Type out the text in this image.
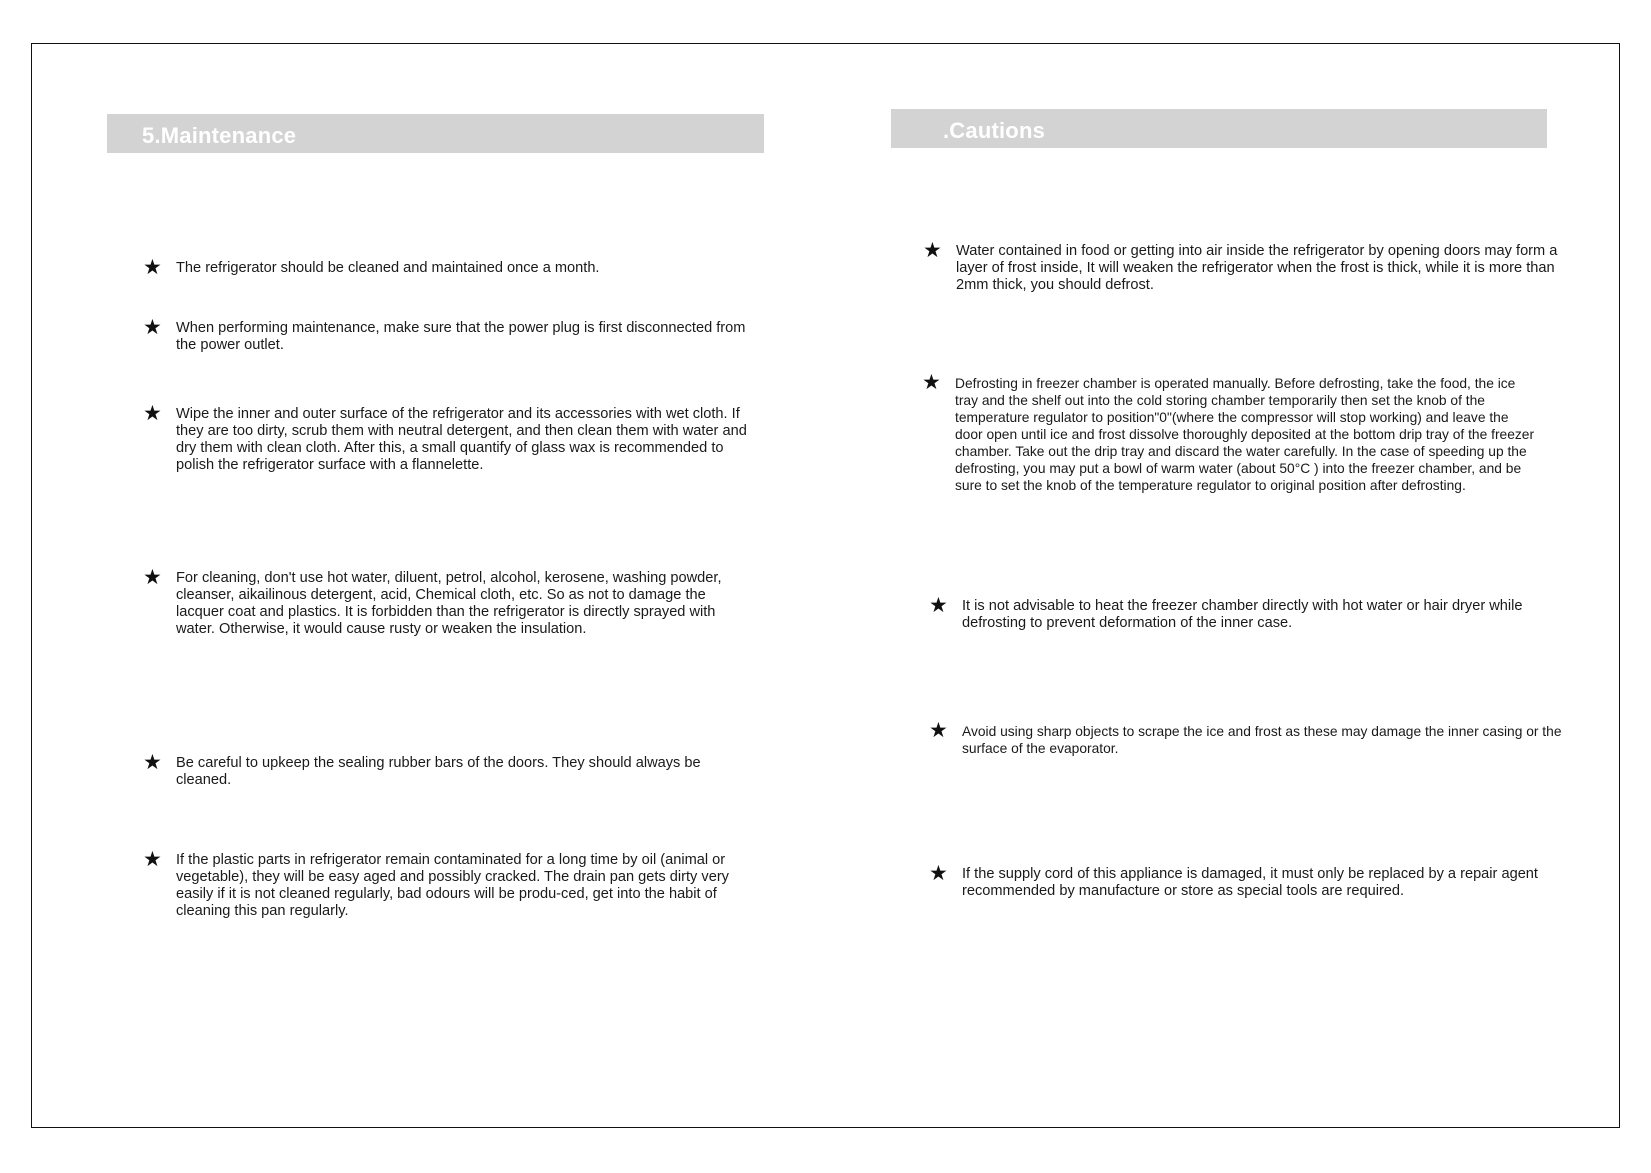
5.Maintenance
★ The refrigerator should be cleaned and maintained once a month.

★ When performing maintenance, make sure that the power plug is first disconnected from the power outlet.

★ Wipe the inner and outer surface of the refrigerator and its accessories with wet cloth. If they are too dirty, scrub them with neutral detergent, and then clean them with water and dry them with clean cloth. After this, a small quantify of glass wax is recommended to polish the refrigerator surface with a flannelette.

★ For cleaning, don't use hot water, diluent, petrol, alcohol, kerosene, washing powder, cleanser, aikailinous detergent, acid, Chemical cloth, etc. So as not to damage the lacquer coat and plastics. It is forbidden than the refrigerator is directly sprayed with water. Otherwise, it would cause rusty or weaken the insulation.

★ Be careful to upkeep the sealing rubber bars of the doors. They should always be cleaned.

★ If the plastic parts in refrigerator remain contaminated for a long time by oil (animal or vegetable), they will be easy aged and possibly cracked. The drain pan gets dirty very easily if it is not cleaned regularly, bad odours will be produ-ced, get into the habit of cleaning this pan regularly.

.Cautions
★ Water contained in food or getting into air inside the refrigerator by opening doors may form a layer of frost inside, It will weaken the refrigerator when the frost is thick, while it is more than 2mm thick, you should defrost.

★ Defrosting in freezer chamber is operated manually. Before defrosting, take the food, the ice tray and the shelf out into the cold storing chamber temporarily then set the knob of the temperature regulator to position"0"(where the compressor will stop working) and leave the door open until ice and frost dissolve thoroughly deposited at the bottom drip tray of the freezer chamber. Take out the drip tray and discard the water carefully. In the case of speeding up the defrosting, you may put a bowl of warm water (about 50°C ) into the freezer chamber, and be sure to set the knob of the temperature regulator to original position after defrosting.

★ It is not advisable to heat the freezer chamber directly with hot water or hair dryer while defrosting to prevent deformation of the inner case.

★ Avoid using sharp objects to scrape the ice and frost as these may damage the inner casing or the surface of the evaporator.

★ If the supply cord of this appliance is damaged, it must only be replaced by a repair agent recommended by manufacture or store as special tools are required.
